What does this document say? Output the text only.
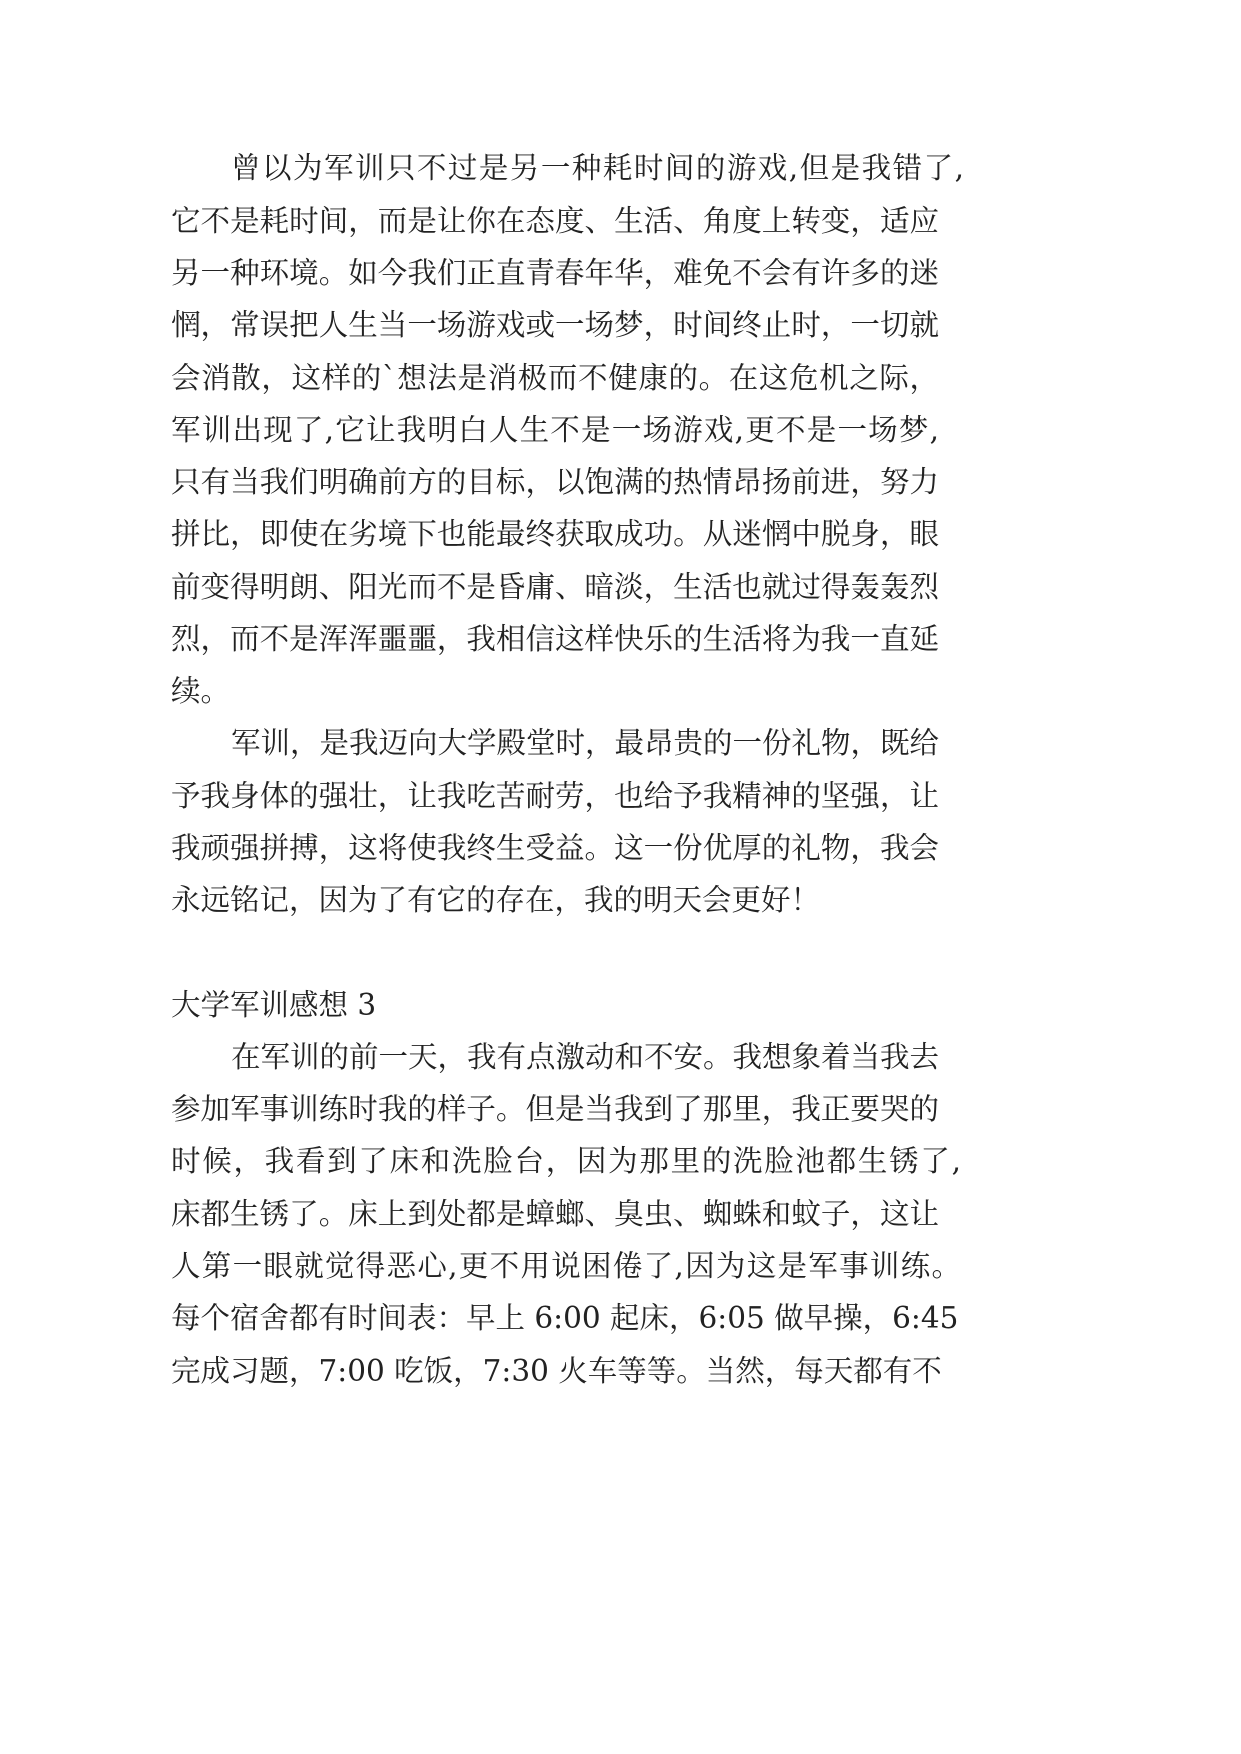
曾以为军训只不过是另一种耗时间的游戏,但是我错了,

它不是耗时间，而是让你在态度、生活、角度上转变，适应

另一种环境。如今我们正直青春年华，难免不会有许多的迷

惘，常误把人生当一场游戏或一场梦，时间终止时，一切就

会消散，这样的`想法是消极而不健康的。在这危机之际，

军训出现了,它让我明白人生不是一场游戏,更不是一场梦,

只有当我们明确前方的目标，以饱满的热情昂扬前进，努力

拼比，即使在劣境下也能最终获取成功。从迷惘中脱身，眼

前变得明朗、阳光而不是昏庸、暗淡，生活也就过得轰轰烈

烈，而不是浑浑噩噩，我相信这样快乐的生活将为我一直延

续。

军训，是我迈向大学殿堂时，最昂贵的一份礼物，既给

予我身体的强壮，让我吃苦耐劳，也给予我精神的坚强，让

我顽强拼搏，这将使我终生受益。这一份优厚的礼物，我会

永远铭记，因为了有它的存在，我的明天会更好！

大学军训感想 3

在军训的前一天，我有点激动和不安。我想象着当我去

参加军事训练时我的样子。但是当我到了那里，我正要哭的

时候，我看到了床和洗脸台，因为那里的洗脸池都生锈了,

床都生锈了。床上到处都是蟑螂、臭虫、蜘蛛和蚊子，这让

人第一眼就觉得恶心,更不用说困倦了,因为这是军事训练。

每个宿舍都有时间表：早上 6:00 起床，6:05 做早操，6:45

完成习题，7:00 吃饭，7:30 火车等等。当然，每天都有不
